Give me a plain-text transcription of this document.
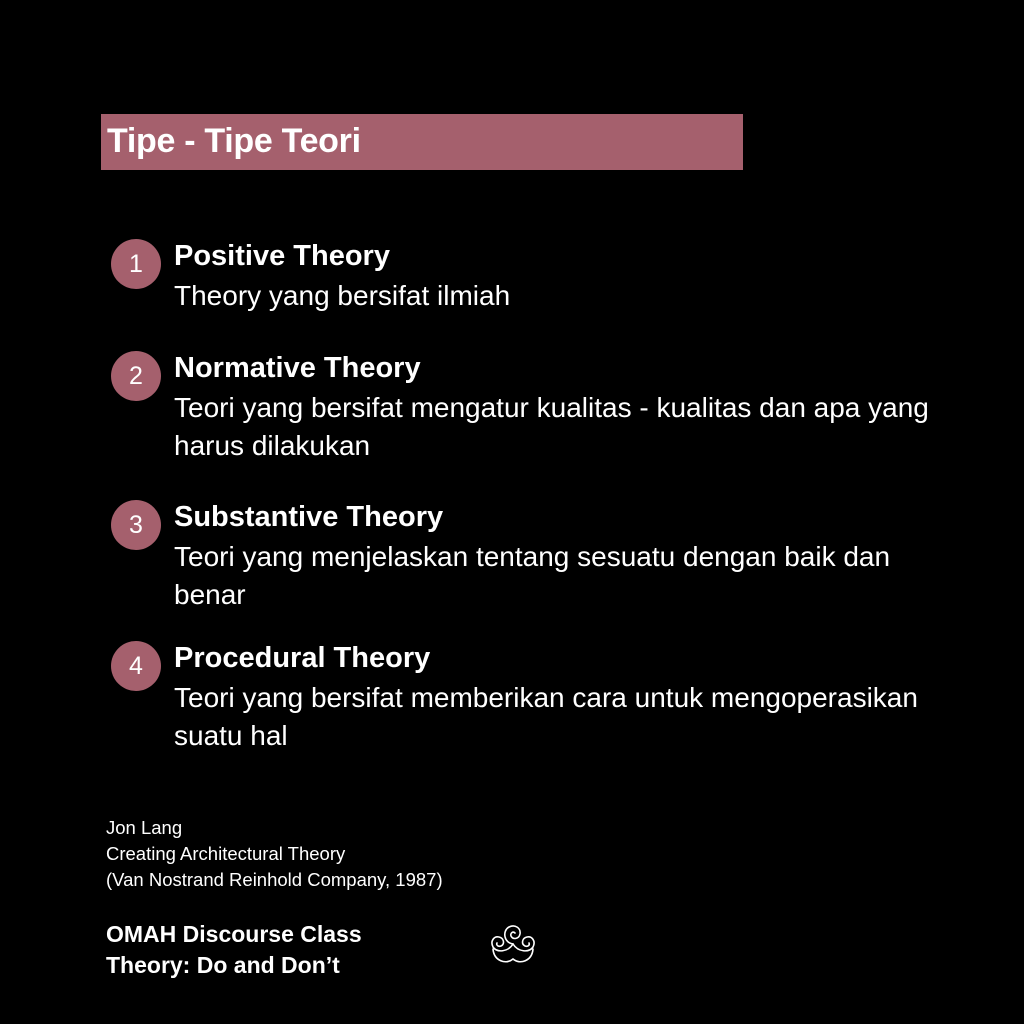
Tipe - Tipe Teori
1	Positive Theory
Theory yang bersifat ilmiah
2	Normative Theory
Teori yang bersifat mengatur kualitas - kualitas dan apa yang harus dilakukan
3	Substantive Theory
Teori yang menjelaskan tentang sesuatu dengan baik dan benar
4	Procedural Theory
Teori yang bersifat memberikan cara untuk mengoperasikan suatu hal
Jon Lang
Creating Architectural Theory
(Van Nostrand Reinhold Company, 1987)
OMAH Discourse Class
Theory: Do and Don’t
